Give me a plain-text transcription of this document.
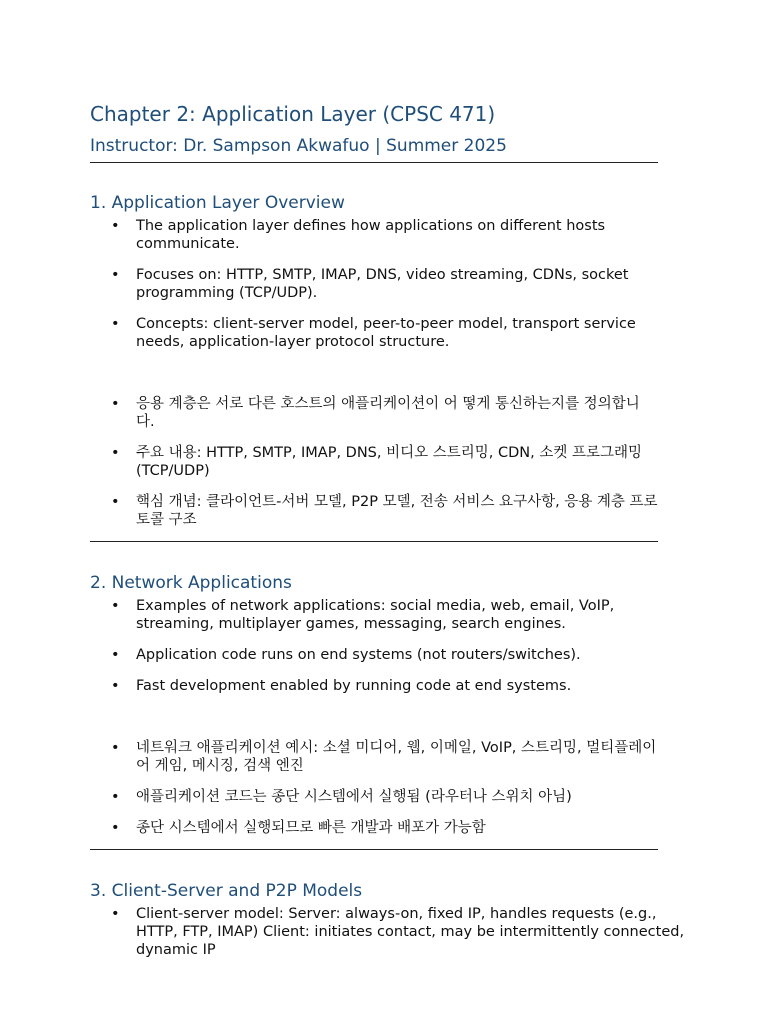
Chapter 2: Application Layer (CPSC 471)
Instructor: Dr. Sampson Akwafuo | Summer 2025
1. Application Layer Overview
• The application layer defines how applications on different hosts communicate.
• Focuses on: HTTP, SMTP, IMAP, DNS, video streaming, CDNs, socket programming (TCP/UDP).
• Concepts: client-server model, peer-to-peer model, transport service needs, application-layer protocol structure.
• 응용 계층은 서로 다른 호스트의 애플리케이션이 어 떻게 통신하는지를 정의합니다.
• 주요 내용: HTTP, SMTP, IMAP, DNS, 비디오 스트리밍, CDN, 소켓 프로그래밍(TCP/UDP)
• 핵심 개념: 클라이언트-서버 모델, P2P 모델, 전송 서비스 요구사항, 응용 계층 프로토콜 구조
2. Network Applications
• Examples of network applications: social media, web, email, VoIP, streaming, multiplayer games, messaging, search engines.
• Application code runs on end systems (not routers/switches).
• Fast development enabled by running code at end systems.
• 네트워크 애플리케이션 예시: 소셜 미디어, 웹, 이메일, VoIP, 스트리밍, 멀티플레이어 게임, 메시징, 검색 엔진
• 애플리케이션 코드는 종단 시스템에서 실행됨 (라우터나 스위치 아님)
• 종단 시스템에서 실행되므로 빠른 개발과 배포가 가능함
3. Client-Server and P2P Models
• Client-server model: Server: always-on, fixed IP, handles requests (e.g., HTTP, FTP, IMAP) Client: initiates contact, may be intermittently connected, dynamic IP
